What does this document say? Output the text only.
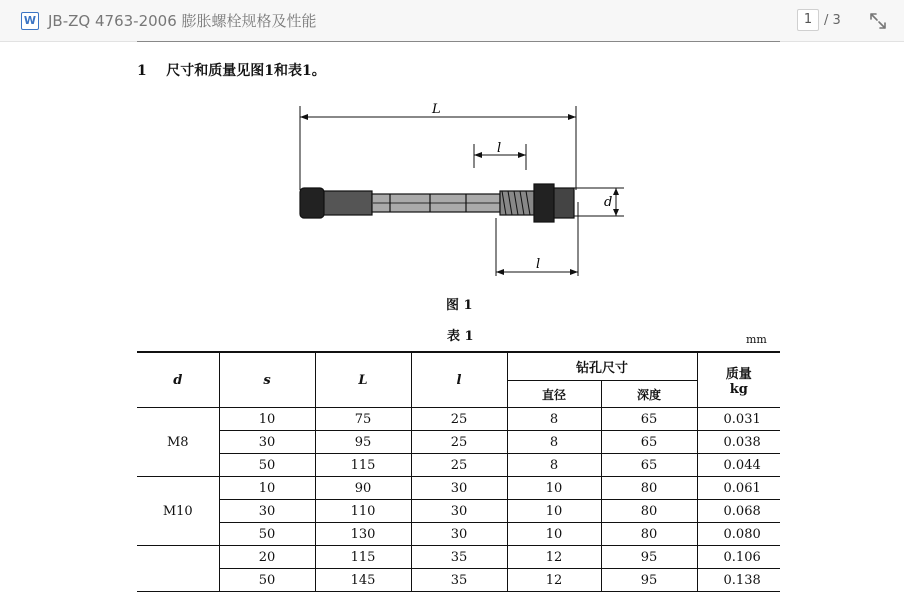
W JB-ZQ 4763-2006 膨胀螺栓规格及性能	1 / 3
1 尺寸和质量见图1和表1。
L
l
l
d
图 1
表 1	mm
d	s	L	l	钻孔尺寸		质量
kg

				直径	深度	
M8	10	75	25	8	65	0.031
	30	95	25	8	65	0.038
	50	115	25	8	65	0.044
M10	10	90	30	10	80	0.061
	30	110	30	10	80	0.068
	50	130	30	10	80	0.080
	20	115	35	12	95	0.106
	50	145	35	12	95	0.138
